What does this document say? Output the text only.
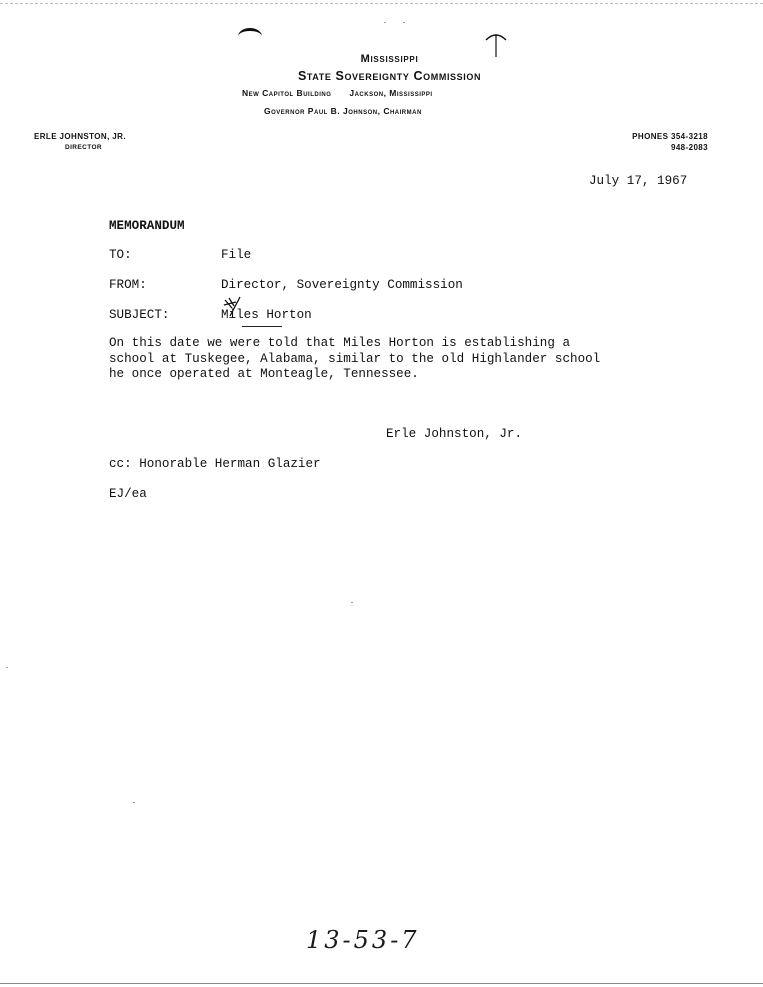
Mississippi
State Sovereignty Commission
New Capitol Building Jackson, Mississippi
Governor Paul B. Johnson, Chairman
ERLE JOHNSTON, JR.
DIRECTOR
PHONES 354-3218
948-2083
July 17, 1967
MEMORANDUM
TO:	File
FROM:	Director, Sovereignty Commission
SUBJECT:	Miles Horton
On this date we were told that Miles Horton is establishing a
school at Tuskegee, Alabama, similar to the old Highlander school
he once operated at Monteagle, Tennessee.
Erle Johnston, Jr.
cc: Honorable Herman Glazier
EJ/ea
13-53-7
